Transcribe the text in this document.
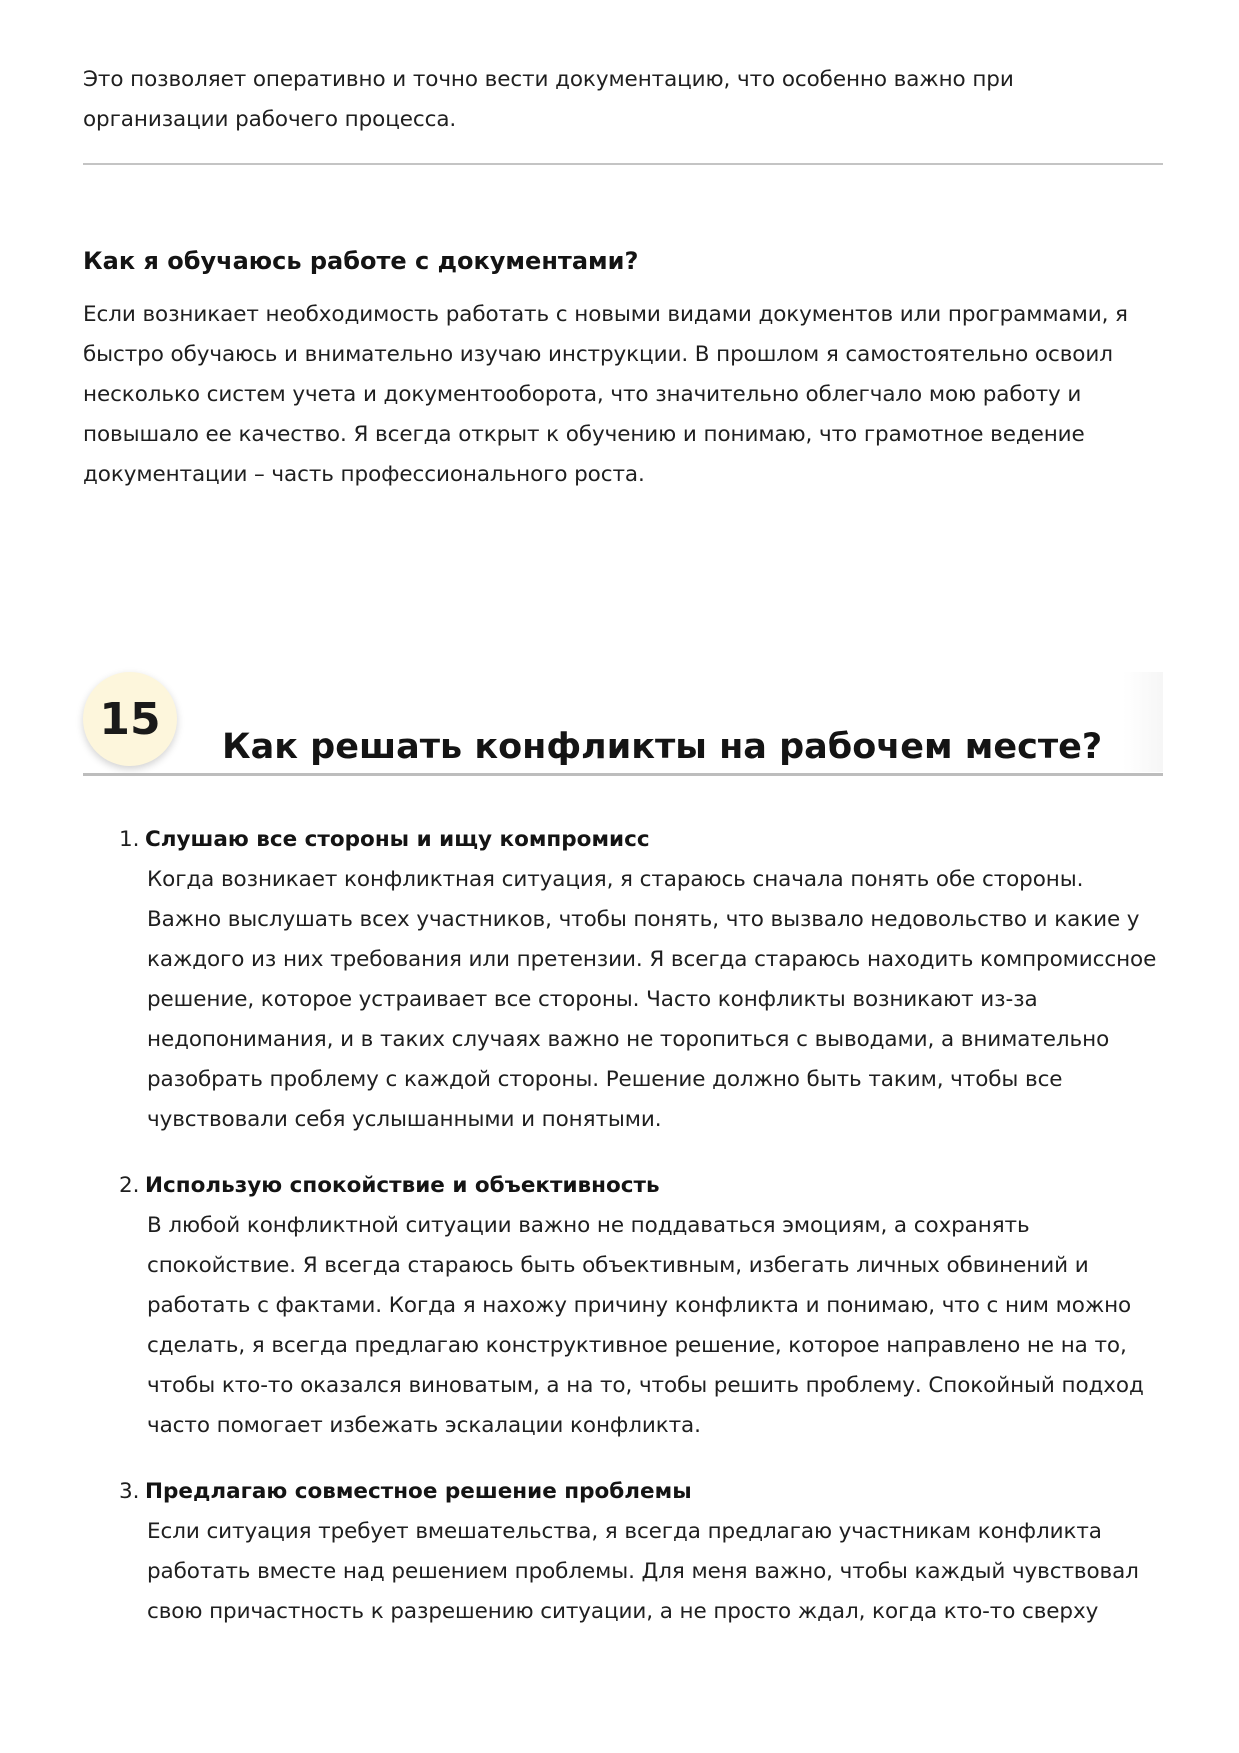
Это позволяет оперативно и точно вести документацию, что особенно важно при организации рабочего процесса.

Как я обучаюсь работе с документами?

Если возникает необходимость работать с новыми видами документов или программами, я быстро обучаюсь и внимательно изучаю инструкции. В прошлом я самостоятельно освоил несколько систем учета и документооборота, что значительно облегчало мою работу и повышало ее качество. Я всегда открыт к обучению и понимаю, что грамотное ведение документации – часть профессионального роста.

15
Как решать конфликты на рабочем месте?
1. Слушаю все стороны и ищу компромисс

Когда возникает конфликтная ситуация, я стараюсь сначала понять обе стороны. Важно выслушать всех участников, чтобы понять, что вызвало недовольство и какие у каждого из них требования или претензии. Я всегда стараюсь находить компромиссное решение, которое устраивает все стороны. Часто конфликты возникают из-за недопонимания, и в таких случаях важно не торопиться с выводами, а внимательно разобрать проблему с каждой стороны. Решение должно быть таким, чтобы все чувствовали себя услышанными и понятыми.

2. Использую спокойствие и объективность

В любой конфликтной ситуации важно не поддаваться эмоциям, а сохранять спокойствие. Я всегда стараюсь быть объективным, избегать личных обвинений и работать с фактами. Когда я нахожу причину конфликта и понимаю, что с ним можно сделать, я всегда предлагаю конструктивное решение, которое направлено не на то, чтобы кто-то оказался виноватым, а на то, чтобы решить проблему. Спокойный подход часто помогает избежать эскалации конфликта.

3. Предлагаю совместное решение проблемы

Если ситуация требует вмешательства, я всегда предлагаю участникам конфликта работать вместе над решением проблемы. Для меня важно, чтобы каждый чувствовал свою причастность к разрешению ситуации, а не просто ждал, когда кто-то сверху
